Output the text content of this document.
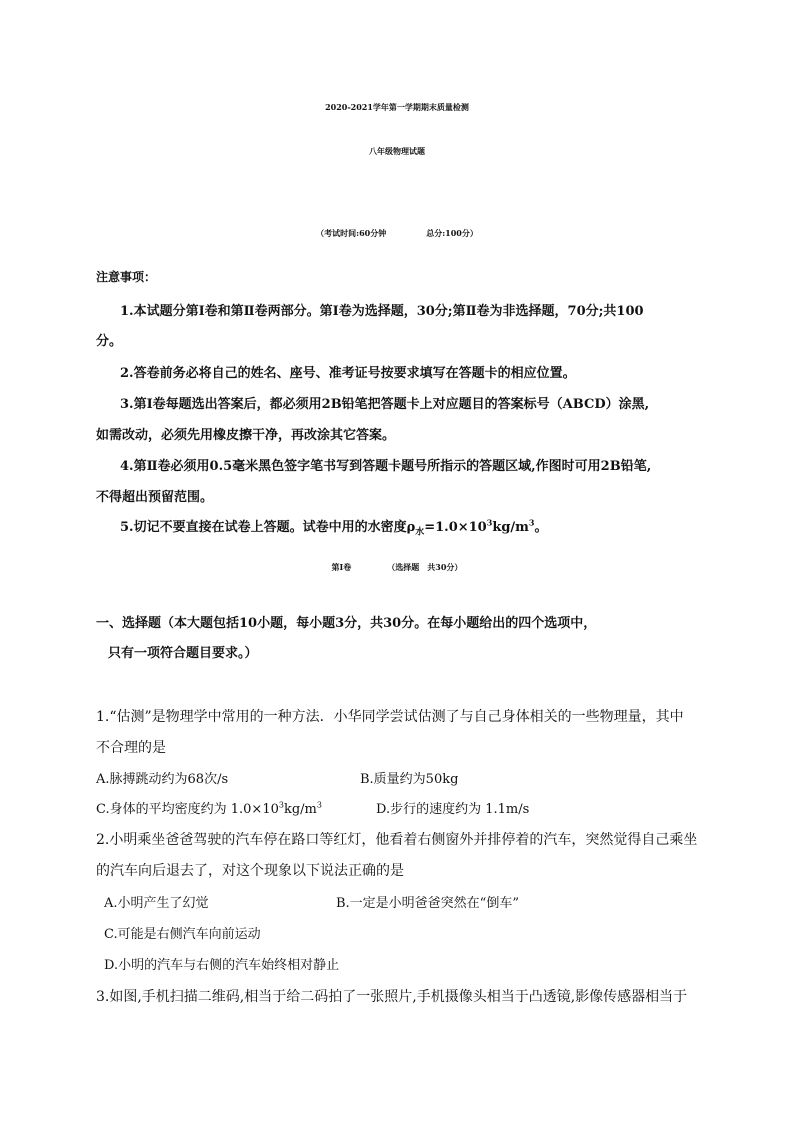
2020-2021学年第一学期期末质量检测
八年级物理试题
（考试时间:60分钟	总分:100分）
注意事项：
1.本试题分第Ⅰ卷和第Ⅱ卷两部分。第Ⅰ卷为选择题，30分;第Ⅱ卷为非选择题，70分;共100
分。
2.答卷前务必将自己的姓名、座号、准考证号按要求填写在答题卡的相应位置。
3.第Ⅰ卷每题选出答案后，都必须用2B铅笔把答题卡上对应题目的答案标号（ABCD）涂黑,
如需改动，必须先用橡皮擦干净，再改涂其它答案。
4.第Ⅱ卷必须用0.5毫米黑色签字笔书写到答题卡题号所指示的答题区域,作图时可用2B铅笔,
不得超出预留范围。
5.切记不要直接在试卷上答题。试卷中用的水密度$\rho_水=1.0\times 10^3kg/m^3$。
第Ⅰ卷	（选择题　共30分）
一、选择题（本大题包括10小题，每小题3分，共30分。在每小题给出的四个选项中，
只有一项符合题目要求。）
1.“估测”是物理学中常用的一种方法．小华同学尝试估测了与自己身体相关的一些物理量，其中
不合理的是
A.脉搏跳动约为68次/s	B.质量约为50kg
C.身体的平均密度约为 $1.0\times 10^3kg/m^3$	D.步行的速度约为 1.1m/s
2.小明乘坐爸爸驾驶的汽车停在路口等红灯，他看着右侧窗外并排停着的汽车，突然觉得自己乘坐
的汽车向后退去了，对这个现象以下说法正确的是
A.小明产生了幻觉	B.一定是小明爸爸突然在“倒车”
C.可能是右侧汽车向前运动
D.小明的汽车与右侧的汽车始终相对静止
3.如图,手机扫描二维码,相当于给二码拍了一张照片,手机摄像头相当于凸透镜,影像传感器相当于
